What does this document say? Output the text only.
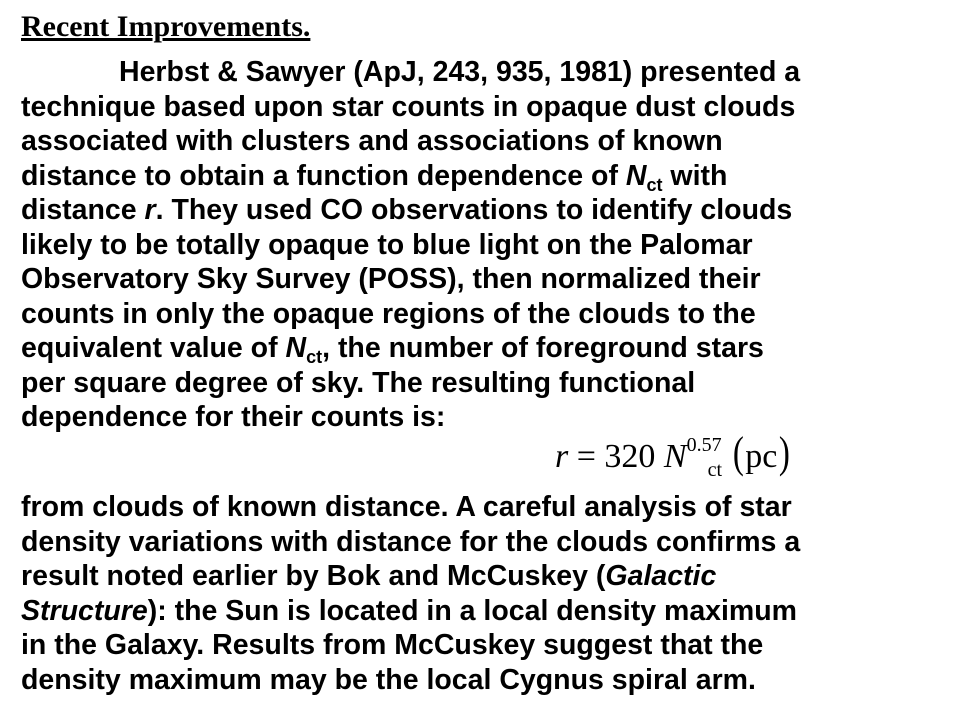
Recent Improvements.
Herbst & Sawyer (ApJ, 243, 935, 1981) presented a
technique based upon star counts in opaque dust clouds
associated with clusters and associations of known
distance to obtain a function dependence of $N_{ct}$ with
distance r. They used CO observations to identify clouds
likely to be totally opaque to blue light on the Palomar
Observatory Sky Survey (POSS), then normalized their
counts in only the opaque regions of the clouds to the
equivalent value of $N_{ct}$, the number of foreground stars
per square degree of sky. The resulting functional
dependence for their counts is:
r = 320 $N^{0.57}_{ct}$ (pc)
from clouds of known distance. A careful analysis of star
density variations with distance for the clouds confirms a
result noted earlier by Bok and McCuskey (Galactic
Structure): the Sun is located in a local density maximum
in the Galaxy. Results from McCuskey suggest that the
density maximum may be the local Cygnus spiral arm.
